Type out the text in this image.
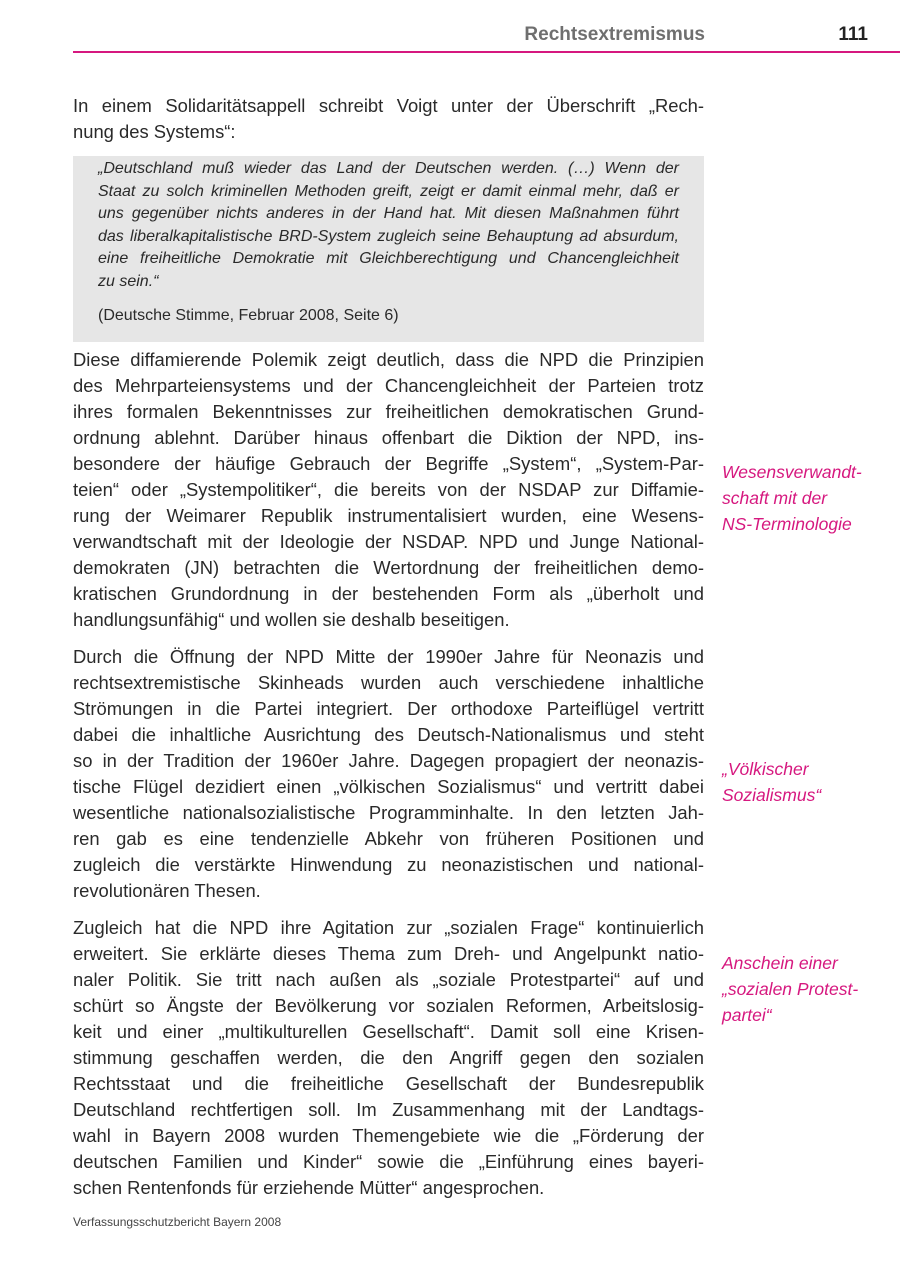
Rechtsextremismus	111

In einem Solidaritätsappell schreibt Voigt unter der Überschrift „Rech-
nung des Systems“:

„Deutschland muß wieder das Land der Deutschen werden. (…) Wenn der
Staat zu solch kriminellen Methoden greift, zeigt er damit einmal mehr, daß er
uns gegenüber nichts anderes in der Hand hat. Mit diesen Maßnahmen führt
das liberalkapitalistische BRD-System zugleich seine Behauptung ad absurdum,
eine freiheitliche Demokratie mit Gleichberechtigung und Chancengleichheit
zu sein.“

(Deutsche Stimme, Februar 2008, Seite 6)

Diese diffamierende Polemik zeigt deutlich, dass die NPD die Prinzipien
des Mehrparteiensystems und der Chancengleichheit der Parteien trotz
ihres formalen Bekenntnisses zur freiheitlichen demokratischen Grund-
ordnung ablehnt. Darüber hinaus offenbart die Diktion der NPD, ins-
besondere der häufige Gebrauch der Begriffe „System“, „System-Par-
teien“ oder „Systempolitiker“, die bereits von der NSDAP zur Diffamie-
rung der Weimarer Republik instrumentalisiert wurden, eine Wesens-
verwandtschaft mit der Ideologie der NSDAP. NPD und Junge National-
demokraten (JN) betrachten die Wertordnung der freiheitlichen demo-
kratischen Grundordnung in der bestehenden Form als „überholt und
handlungsunfähig“ und wollen sie deshalb beseitigen.

Durch die Öffnung der NPD Mitte der 1990er Jahre für Neonazis und
rechtsextremistische Skinheads wurden auch verschiedene inhaltliche
Strömungen in die Partei integriert. Der orthodoxe Parteiflügel vertritt
dabei die inhaltliche Ausrichtung des Deutsch-Nationalismus und steht
so in der Tradition der 1960er Jahre. Dagegen propagiert der neonazis-
tische Flügel dezidiert einen „völkischen Sozialismus“ und vertritt dabei
wesentliche nationalsozialistische Programminhalte. In den letzten Jah-
ren gab es eine tendenzielle Abkehr von früheren Positionen und
zugleich die verstärkte Hinwendung zu neonazistischen und national-
revolutionären Thesen.

Zugleich hat die NPD ihre Agitation zur „sozialen Frage“ kontinuierlich
erweitert. Sie erklärte dieses Thema zum Dreh- und Angelpunkt natio-
naler Politik. Sie tritt nach außen als „soziale Protestpartei“ auf und
schürt so Ängste der Bevölkerung vor sozialen Reformen, Arbeitslosig-
keit und einer „multikulturellen Gesellschaft“. Damit soll eine Krisen-
stimmung geschaffen werden, die den Angriff gegen den sozialen
Rechtsstaat und die freiheitliche Gesellschaft der Bundesrepublik
Deutschland rechtfertigen soll. Im Zusammenhang mit der Landtags-
wahl in Bayern 2008 wurden Themengebiete wie die „Förderung der
deutschen Familien und Kinder“ sowie die „Einführung eines bayeri-
schen Rentenfonds für erziehende Mütter“ angesprochen.

Wesensverwandt-
schaft mit der
NS-Terminologie
„Völkischer
Sozialismus“
Anschein einer
„sozialen Protest-
partei“
Verfassungsschutzbericht Bayern 2008
